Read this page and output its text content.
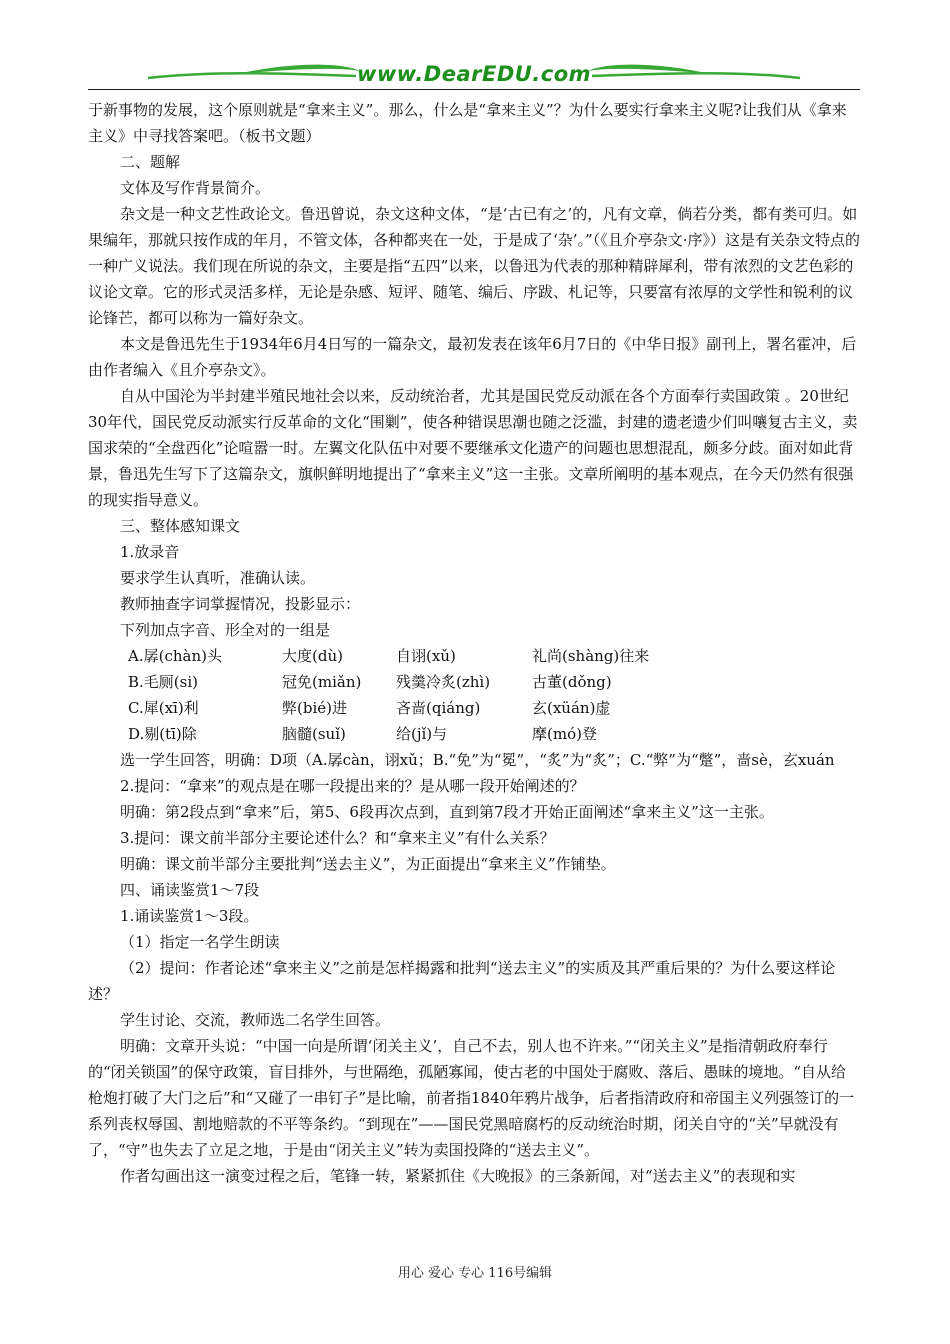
www.DearEDU.com

于新事物的发展，这个原则就是“拿来主义”。那么，什么是“拿来主义”？为什么要实行拿来主义呢?让我们从《拿来主义》中寻找答案吧。（板书文题）

二、题解

文体及写作背景简介。

杂文是一种文艺性政论文。鲁迅曾说，杂文这种文体，“是‘古已有之’的，凡有文章，倘若分类，都有类可归。如果编年，那就只按作成的年月，不管文体，各种都夹在一处，于是成了‘杂’。”（《且介亭杂文·序》）这是有关杂文特点的一种广义说法。我们现在所说的杂文，主要是指“五四”以来，以鲁迅为代表的那种精辟犀利，带有浓烈的文艺色彩的议论文章。它的形式灵活多样，无论是杂感、短评、随笔、编后、序跋、札记等，只要富有浓厚的文学性和锐利的议论锋芒，都可以称为一篇好杂文。

本文是鲁迅先生于1934年6月4日写的一篇杂文，最初发表在该年6月7日的《中华日报》副刊上，署名霍冲，后由作者编入《且介亭杂文》。

自从中国沦为半封建半殖民地社会以来，反动统治者，尤其是国民党反动派在各个方面奉行卖国政策 。20世纪30年代，国民党反动派实行反革命的文化“围剿”，使各种错误思潮也随之泛滥，封建的遗老遗少们叫嚷复古主义，卖国求荣的“全盘西化”论喧嚣一时。左翼文化队伍中对要不要继承文化遗产的问题也思想混乱，颇多分歧。面对如此背景，鲁迅先生写下了这篇杂文，旗帜鲜明地提出了“拿来主义”这一主张。文章所阐明的基本观点，在今天仍然有很强的现实指导意义。

三、整体感知课文

1.放录音

要求学生认真听，准确认读。

教师抽查字词掌握情况，投影显示：

下列加点字音、形全对的一组是

A.孱(chàn)头	大度(dù)	自诩(xǔ)	礼尚(shàng)往来
B.毛厕(si)	冠免(miǎn)	残羹冷炙(zhì)	古董(dǒng)
C.犀(xī)利	弊(bié)进	吝啬(qiáng)	玄(xüán)虚
D.剔(tī)除	脑髓(suǐ)	给(jǐ)与	摩(mó)登

选一学生回答，明确：D项（A.孱càn，诩xǔ；B.“免”为“冕”，“炙”为“炙”；C.“弊”为“蹩”，啬sè，玄xuán

2.提问：“拿来”的观点是在哪一段提出来的？是从哪一段开始阐述的？

明确：第2段点到“拿来”后，第5、6段再次点到，直到第7段才开始正面阐述“拿来主义”这一主张。

3.提问：课文前半部分主要论述什么？和“拿来主义”有什么关系？

明确：课文前半部分主要批判“送去主义”，为正面提出“拿来主义”作铺垫。

四、诵读鉴赏1～7段

1.诵读鉴赏1～3段。

（1）指定一名学生朗读

（2）提问：作者论述“拿来主义”之前是怎样揭露和批判“送去主义”的实质及其严重后果的？为什么要这样论述？

学生讨论、交流，教师选二名学生回答。

明确：文章开头说：“中国一向是所谓‘闭关主义’，自己不去，别人也不许来。”“闭关主义”是指清朝政府奉行的“闭关锁国”的保守政策，盲目排外，与世隔绝，孤陋寡闻，使古老的中国处于腐败、落后、愚昧的境地。“自从给枪炮打破了大门之后”和“又碰了一串钉子”是比喻，前者指1840年鸦片战争，后者指清政府和帝国主义列强签订的一系列丧权辱国、割地赔款的不平等条约。“到现在”——国民党黑暗腐朽的反动统治时期，闭关自守的“关”早就没有了，“守”也失去了立足之地，于是由“闭关主义”转为卖国投降的“送去主义”。

作者勾画出这一演变过程之后，笔锋一转，紧紧抓住《大晚报》的三条新闻，对“送去主义”的表现和实

用心 爱心 专心 116号编辑
